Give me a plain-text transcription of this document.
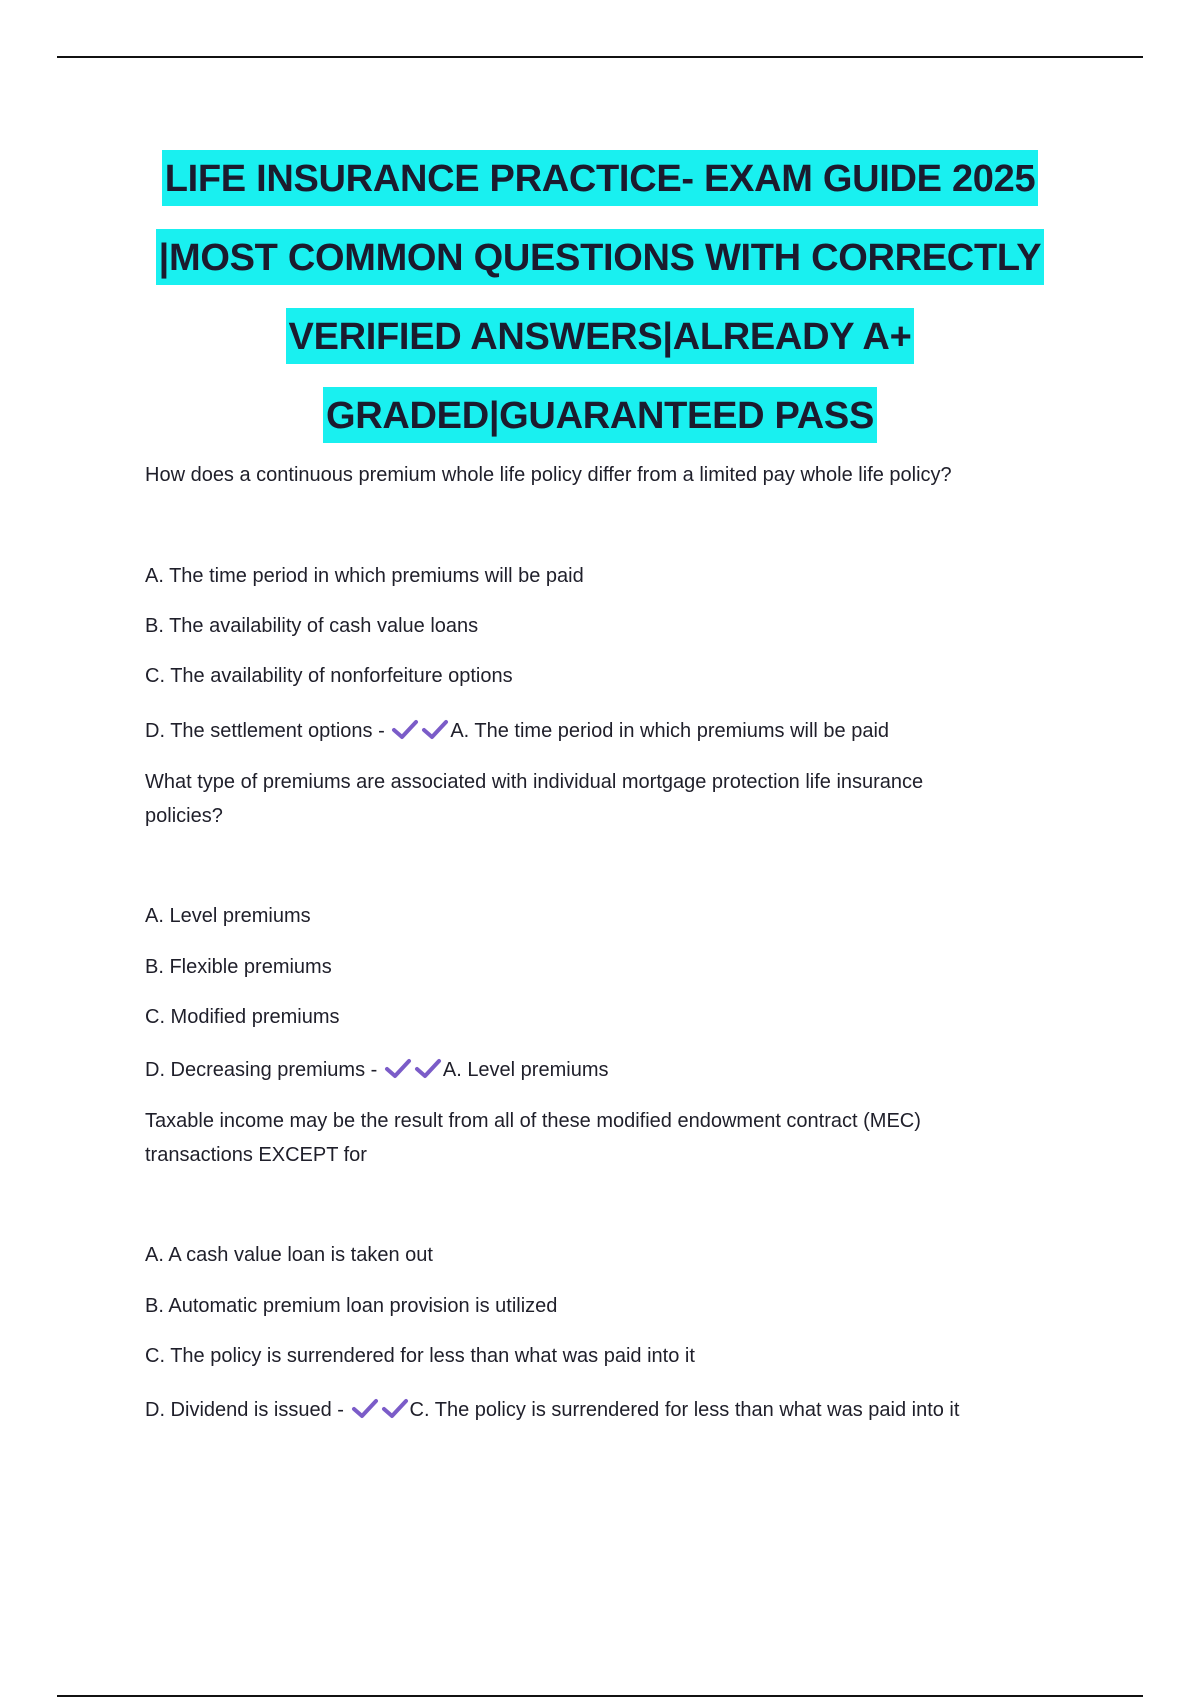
LIFE INSURANCE PRACTICE- EXAM GUIDE 2025
|MOST COMMON QUESTIONS WITH CORRECTLY
VERIFIED ANSWERS|ALREADY A+
GRADED|GUARANTEED PASS
How does a continuous premium whole life policy differ from a limited pay whole life policy?
A. The time period in which premiums will be paid
B. The availability of cash value loans
C. The availability of nonforfeiture options
D. The settlement options -	A. The time period in which premiums will be paid
What type of premiums are associated with individual mortgage protection life insurance
policies?
A. Level premiums
B. Flexible premiums
C. Modified premiums
D. Decreasing premiums -	A. Level premiums
Taxable income may be the result from all of these modified endowment contract (MEC)
transactions EXCEPT for
A. A cash value loan is taken out
B. Automatic premium loan provision is utilized
C. The policy is surrendered for less than what was paid into it
D. Dividend is issued -	C. The policy is surrendered for less than what was paid into it
